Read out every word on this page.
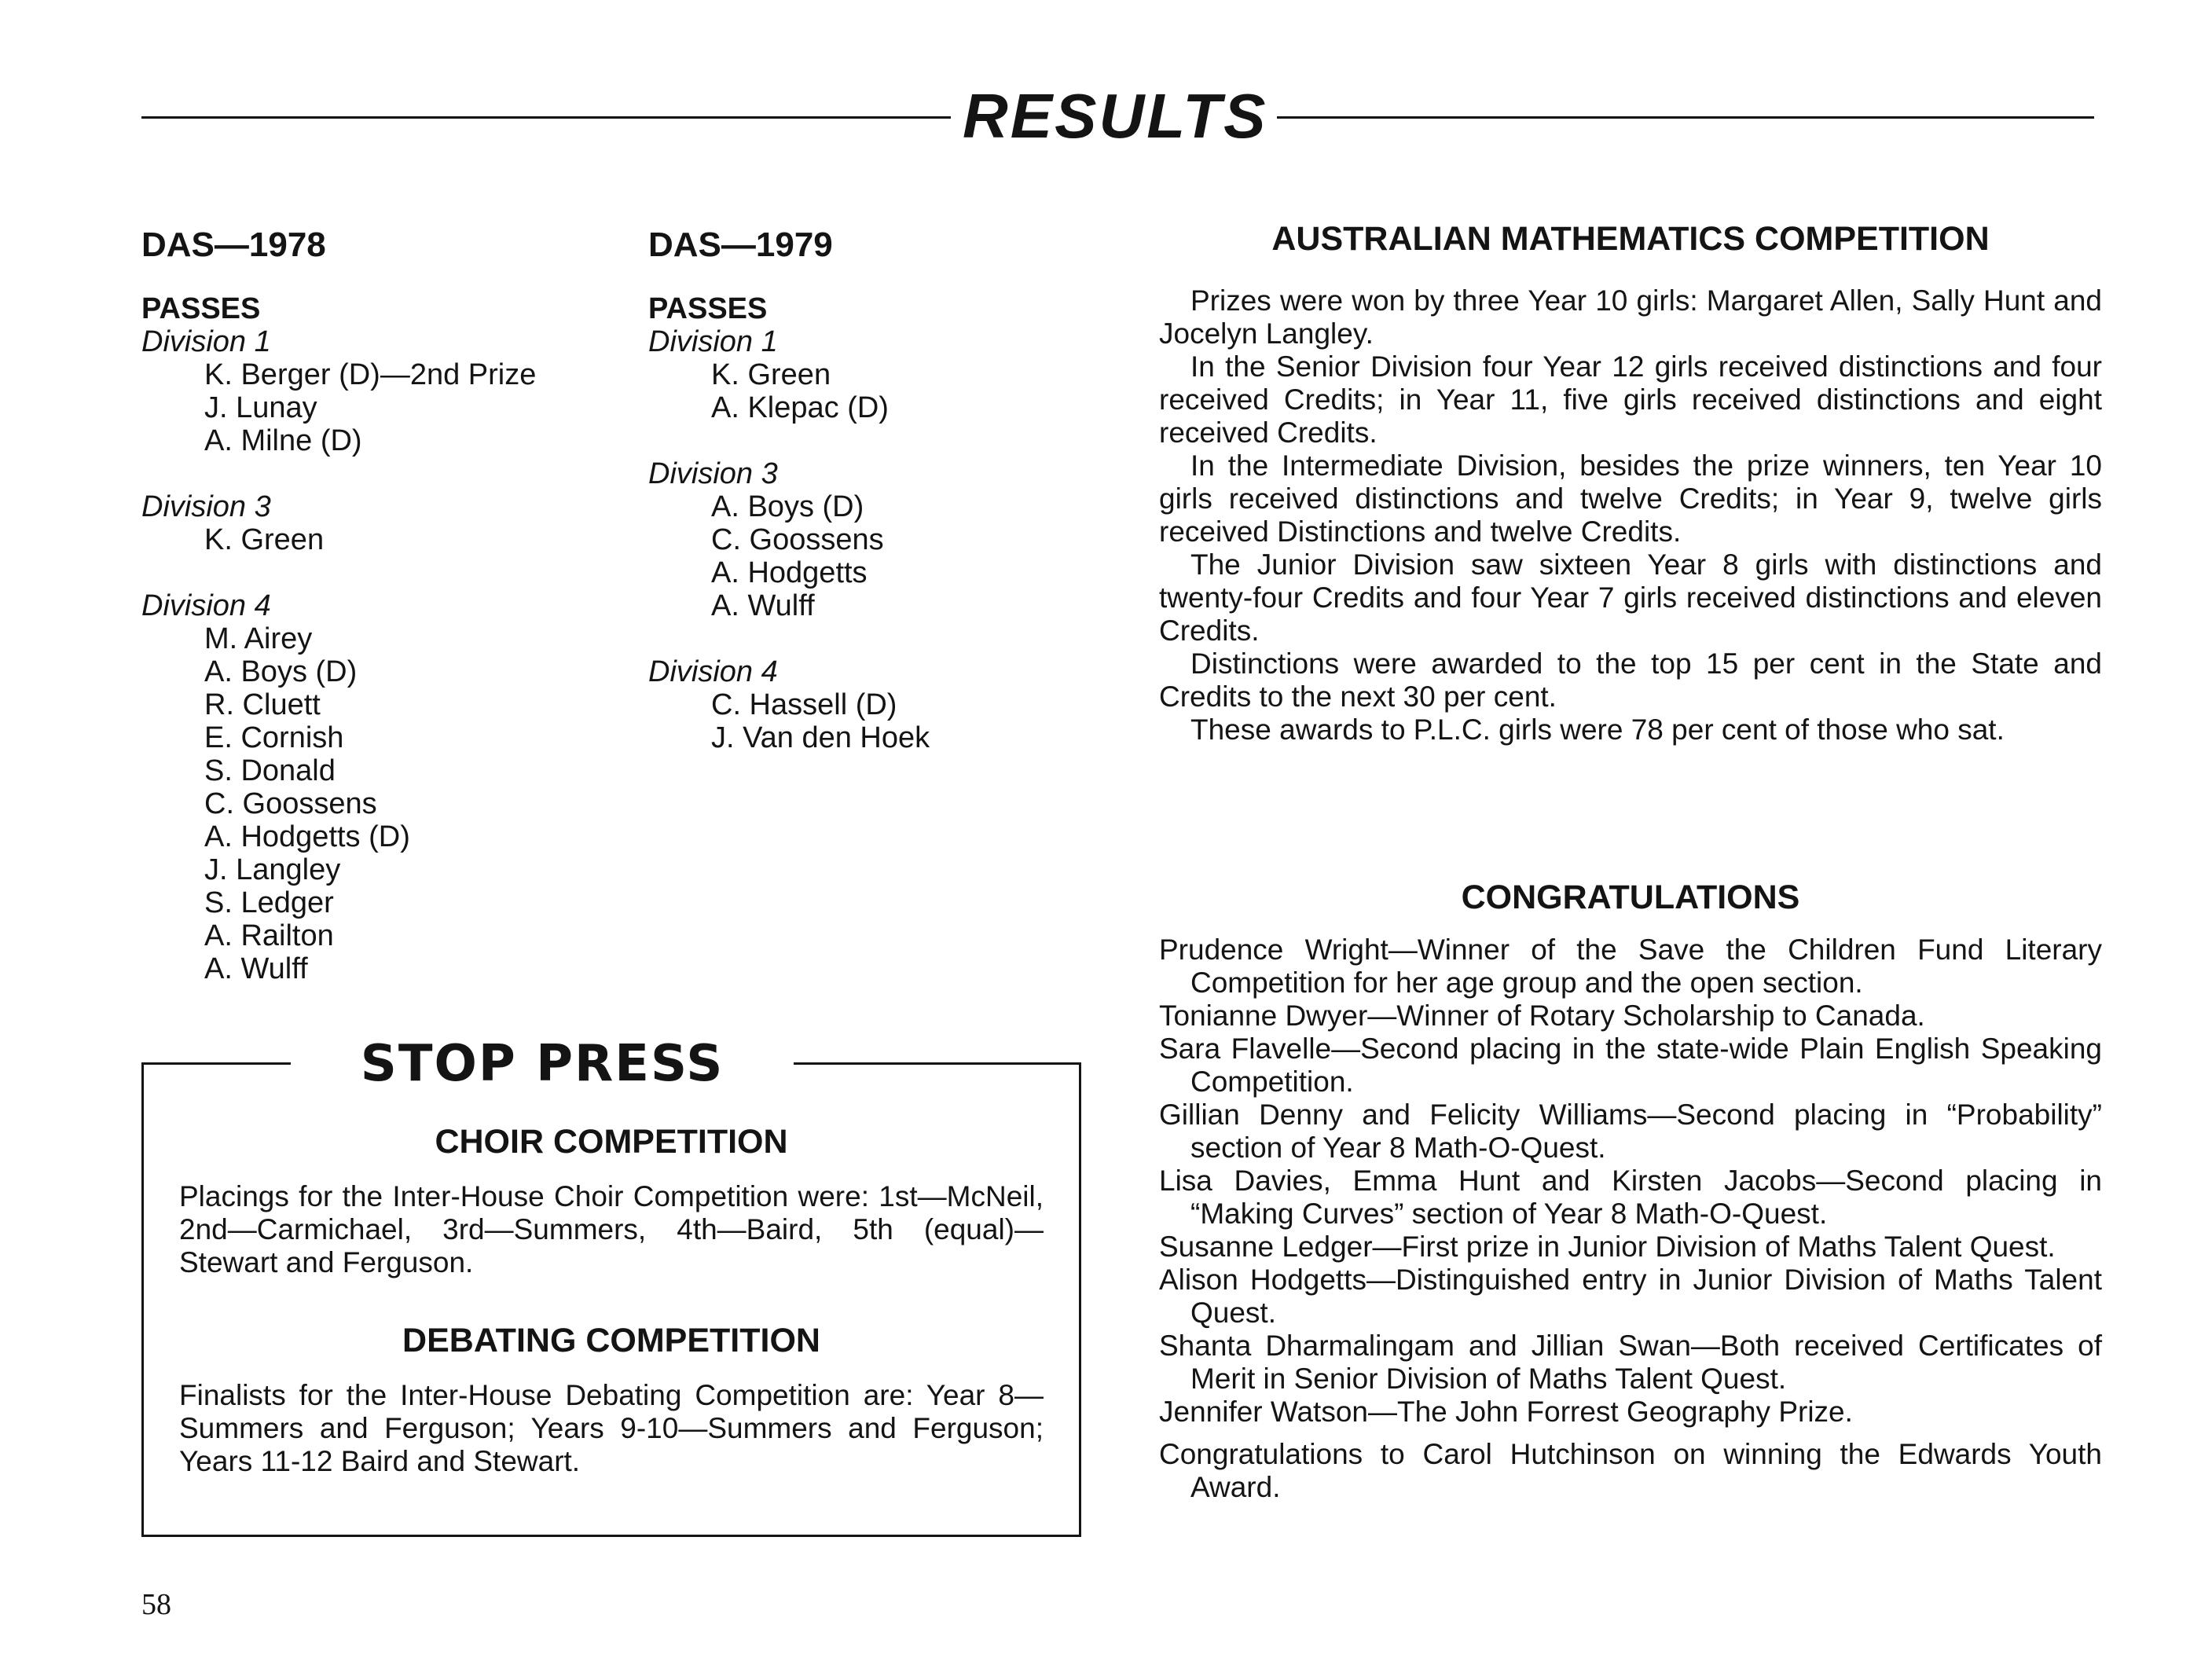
RESULTS
DAS—1978
PASSES
Division 1
K. Berger (D)—2nd Prize
J. Lunay
A. Milne (D)
Division 3
K. Green
Division 4
M. Airey
A. Boys (D)
R. Cluett
E. Cornish
S. Donald
C. Goossens
A. Hodgetts (D)
J. Langley
S. Ledger
A. Railton
A. Wulff
DAS—1979
PASSES
Division 1
K. Green
A. Klepac (D)
Division 3
A. Boys (D)
C. Goossens
A. Hodgetts
A. Wulff
Division 4
C. Hassell (D)
J. Van den Hoek
AUSTRALIAN MATHEMATICS COMPETITION

Prizes were won by three Year 10 girls: Margaret Allen, Sally Hunt and Jocelyn Langley.

In the Senior Division four Year 12 girls received distinctions and four received Credits; in Year 11, five girls received distinctions and eight received Credits.

In the Intermediate Division, besides the prize winners, ten Year 10 girls received distinctions and twelve Credits; in Year 9, twelve girls received Distinctions and twelve Credits.

The Junior Division saw sixteen Year 8 girls with distinctions and twenty-four Credits and four Year 7 girls received distinctions and eleven Credits.

Distinctions were awarded to the top 15 per cent in the State and Credits to the next 30 per cent.

These awards to P.L.C. girls were 78 per cent of those who sat.

CONGRATULATIONS
Prudence Wright—Winner of the Save the Children Fund Literary Competition for her age group and the open section.
Tonianne Dwyer—Winner of Rotary Scholarship to Canada.
Sara Flavelle—Second placing in the state-wide Plain English Speaking Competition.
Gillian Denny and Felicity Williams—Second placing in “Probability” section of Year 8 Math-O-Quest.
Lisa Davies, Emma Hunt and Kirsten Jacobs—Second placing in “Making Curves” section of Year 8 Math-O-Quest.
Susanne Ledger—First prize in Junior Division of Maths Talent Quest.
Alison Hodgetts—Distinguished entry in Junior Division of Maths Talent Quest.
Shanta Dharmalingam and Jillian Swan—Both received Certificates of Merit in Senior Division of Maths Talent Quest.
Jennifer Watson—The John Forrest Geography Prize.
Congratulations to Carol Hutchinson on winning the Edwards Youth Award.
STOP PRESS
CHOIR COMPETITION

Placings for the Inter-House Choir Competition were: 1st—McNeil, 2nd—Carmichael, 3rd—Summers, 4th—Baird, 5th (equal)—Stewart and Ferguson.

DEBATING COMPETITION

Finalists for the Inter-House Debating Competition are: Year 8—Summers and Ferguson; Years 9-10—Summers and Ferguson; Years 11-12 Baird and Stewart.

58
